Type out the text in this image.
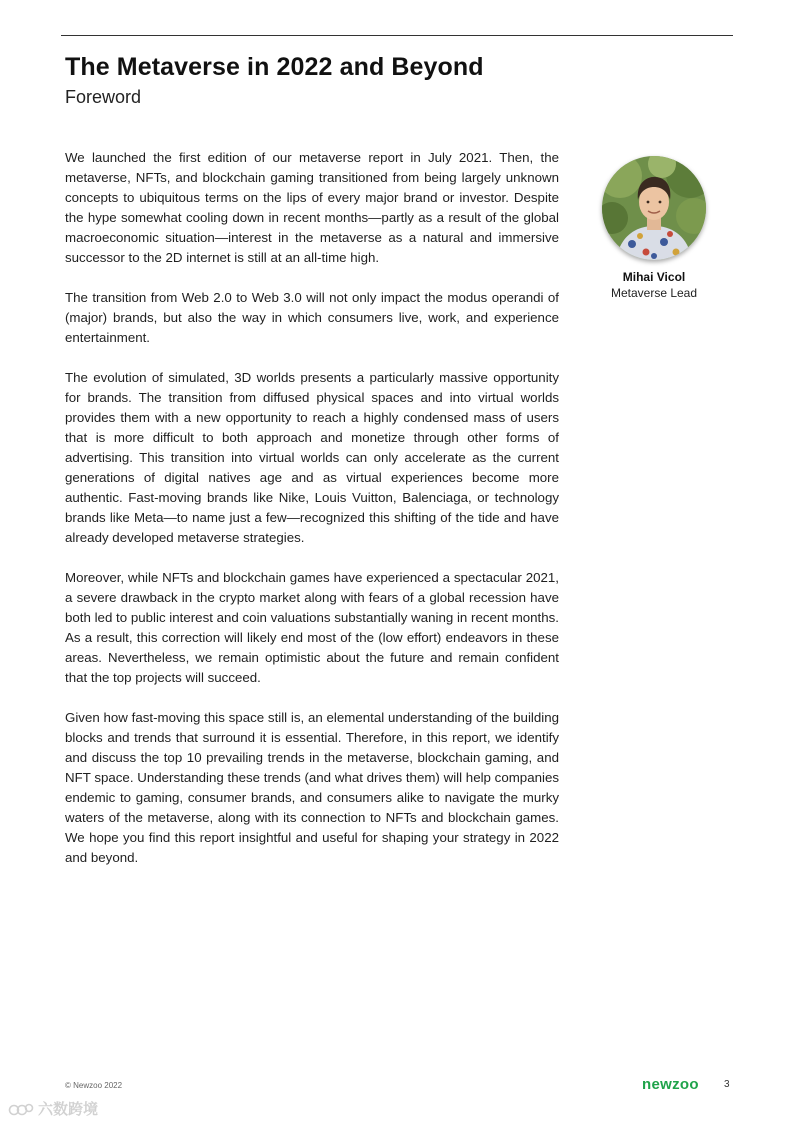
The Metaverse in 2022 and Beyond
Foreword

We launched the first edition of our metaverse report in July 2021. Then, the metaverse, NFTs, and blockchain gaming transitioned from being largely unknown concepts to ubiquitous terms on the lips of every major brand or investor. Despite the hype somewhat cooling down in recent months—partly as a result of the global macroeconomic situation—interest in the metaverse as a natural and immersive successor to the 2D internet is still at an all-time high.

The transition from Web 2.0 to Web 3.0 will not only impact the modus operandi of (major) brands, but also the way in which consumers live, work, and experience entertainment.

The evolution of simulated, 3D worlds presents a particularly massive opportunity for brands. The transition from diffused physical spaces and into virtual worlds provides them with a new opportunity to reach a highly condensed mass of users that is more difficult to both approach and monetize through other forms of advertising. This transition into virtual worlds can only accelerate as the current generations of digital natives age and as virtual experiences become more authentic. Fast-moving brands like Nike, Louis Vuitton, Balenciaga, or technology brands like Meta—to name just a few—recognized this shifting of the tide and have already developed metaverse strategies.

Moreover, while NFTs and blockchain games have experienced a spectacular 2021, a severe drawback in the crypto market along with fears of a global recession have both led to public interest and coin valuations substantially waning in recent months. As a result, this correction will likely end most of the (low effort) endeavors in these areas. Nevertheless, we remain optimistic about the future and remain confident that the top projects will succeed.

Given how fast-moving this space still is, an elemental understanding of the building blocks and trends that surround it is essential. Therefore, in this report, we identify and discuss the top 10 prevailing trends in the metaverse, blockchain gaming, and NFT space. Understanding these trends (and what drives them) will help companies endemic to gaming, consumer brands, and consumers alike to navigate the murky waters of the metaverse, along with its connection to NFTs and blockchain games. We hope you find this report insightful and useful for shaping your strategy in 2022 and beyond.

Mihai Vicol
Metaverse Lead
© Newzoo 2022	newzoo	3
六数跨境
